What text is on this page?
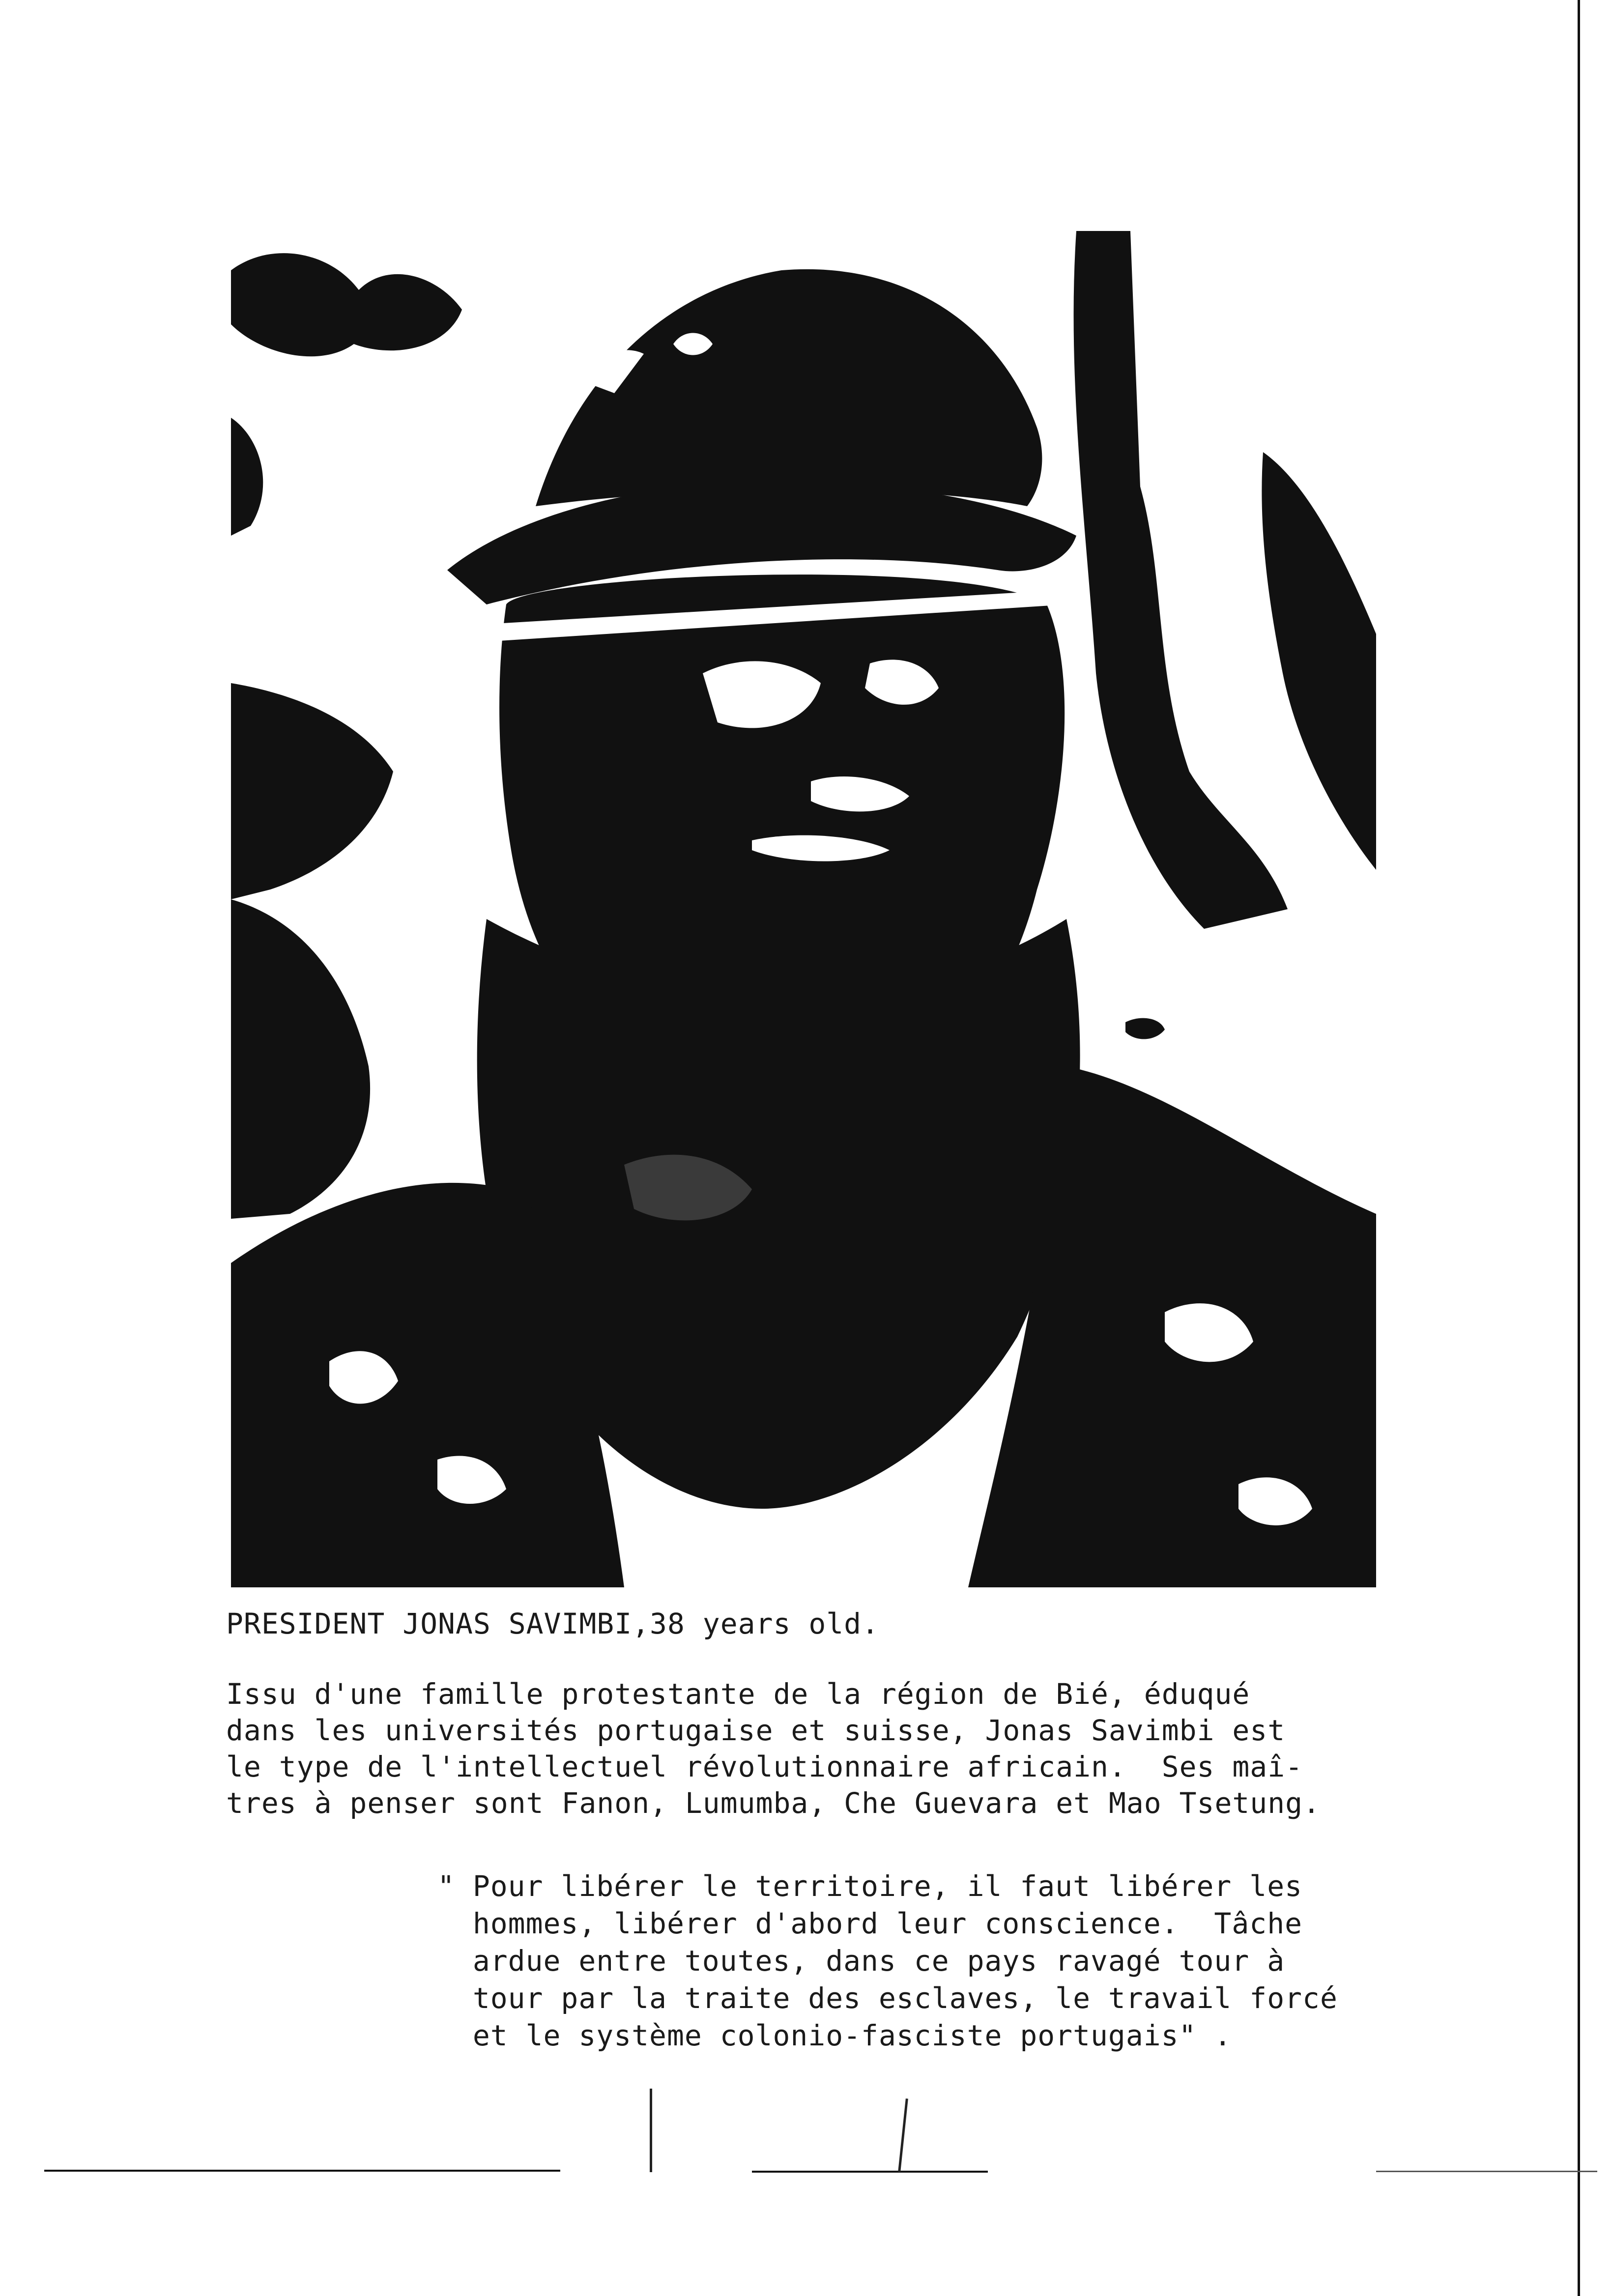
PRESIDENT JONAS SAVIMBI,38 years old.
Issu d'une famille protestante de la région de Bié, éduqué
dans les universités portugaise et suisse, Jonas Savimbi est
le type de l'intellectuel révolutionnaire africain.  Ses maî-
tres à penser sont Fanon, Lumumba, Che Guevara et Mao Tsetung.
" Pour libérer le territoire, il faut libérer les
hommes, libérer d'abord leur conscience.  Tâche
ardue entre toutes, dans ce pays ravagé tour à
tour par la traite des esclaves, le travail forcé
et le système colonio-fasciste portugais" .
